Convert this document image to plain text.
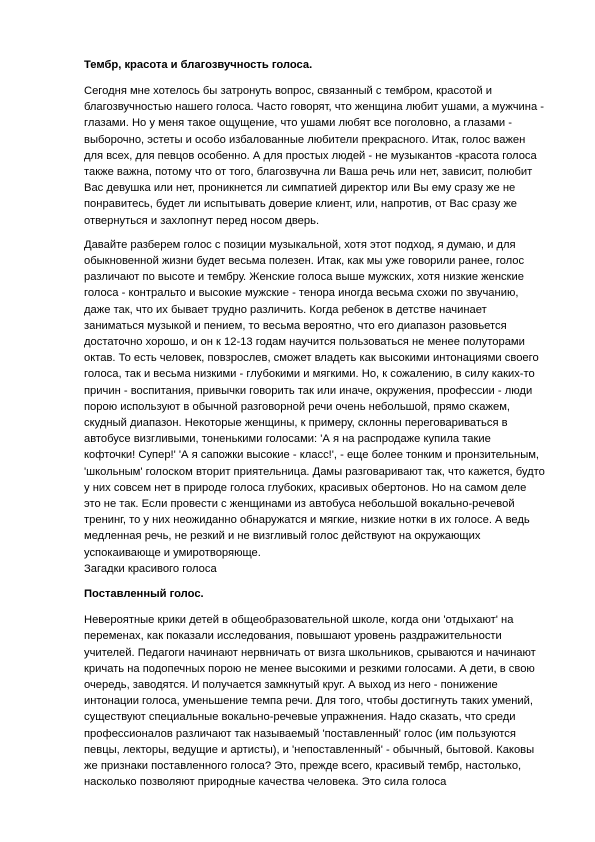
Тембр, красота и благозвучность голоса.

Сегодня мне хотелось бы затронуть вопрос, связанный с тембром, красотой и благозвучностью нашего голоса. Часто говорят, что женщина любит ушами, а мужчина - глазами. Но у меня такое ощущение, что ушами любят все поголовно, а глазами - выборочно, эстеты и особо избалованные любители прекрасного. Итак, голос важен для всех, для певцов особенно. А для простых людей - не музыкантов -красота голоса также важна, потому что от того, благозвучна ли Ваша речь или нет, зависит, полюбит Вас девушка или нет, проникнется ли симпатией директор или Вы ему сразу же не понравитесь, будет ли испытывать доверие клиент, или, напротив, от Вас сразу же отвернуться и захлопнут перед носом дверь.

Давайте разберем голос с позиции музыкальной, хотя этот подход, я думаю, и для обыкновенной жизни будет весьма полезен. Итак, как мы уже говорили ранее, голос различают по высоте и тембру. Женские голоса выше мужских, хотя низкие женские голоса - контральто и высокие мужские - тенора иногда весьма схожи по звучанию, даже так, что их бывает трудно различить. Когда ребенок в детстве начинает заниматься музыкой и пением, то весьма вероятно, что его диапазон разовьется достаточно хорошо, и он к 12-13 годам научится пользоваться не менее полуторами октав. То есть человек, повзрослев, сможет владеть как высокими интонациями своего голоса, так и весьма низкими - глубокими и мягкими. Но, к сожалению, в силу каких-то причин - воспитания, привычки говорить так или иначе, окружения, профессии - люди порою используют в обычной разговорной речи очень небольшой, прямо скажем, скудный диапазон. Некоторые женщины, к примеру, склонны переговариваться в автобусе визгливыми, тоненькими голосами: 'А я на распродаже купила такие кофточки! Супер!' 'А я сапожки высокие - класс!', - еще более тонким и пронзительным, 'школьным' голоском вторит приятельница. Дамы разговаривают так, что кажется, будто у них совсем нет в природе голоса глубоких, красивых обертонов. Но на самом деле это не так. Если провести с женщинами из автобуса небольшой вокально-речевой тренинг, то у них неожиданно обнаружатся и мягкие, низкие нотки в их голосе. А ведь медленная речь, не резкий и не визгливый голос действуют на окружающих успокаивающе и умиротворяюще.

Загадки красивого голоса
Поставленный голос.

Невероятные крики детей в общеобразовательной школе, когда они 'отдыхают' на переменах, как показали исследования, повышают уровень раздражительности учителей. Педагоги начинают нервничать от визга школьников, срываются и начинают кричать на подопечных порою не менее высокими и резкими голосами. А дети, в свою очередь, заводятся. И получается замкнутый круг. А выход из него - понижение интонации голоса, уменьшение темпа речи. Для того, чтобы достигнуть таких умений, существуют специальные вокально-речевые упражнения. Надо сказать, что среди профессионалов различают так называемый 'поставленный' голос (им пользуются певцы, лекторы, ведущие и артисты), и 'непоставленный' - обычный, бытовой. Каковы же признаки поставленного голоса? Это, прежде всего, красивый тембр, настолько, насколько позволяют природные качества человека. Это сила голоса
